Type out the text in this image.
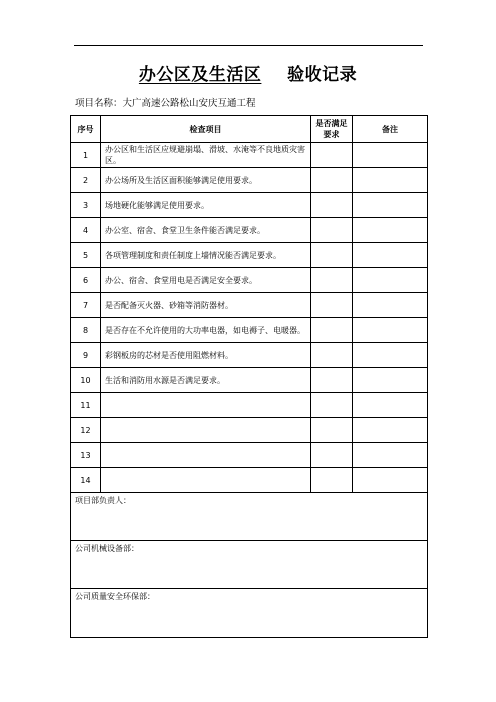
办公区及生活区 验收记录
项目名称：大广高速公路松山安庆互通工程
序号	检查项目	是否满足要求	备注
1	办公区和生活区应规避崩塌、滑坡、水淹等不良地质灾害区。		
2	办公场所及生活区面积能够满足使用要求。		
3	场地硬化能够满足使用要求。		
4	办公室、宿舍、食堂卫生条件能否满足要求。		
5	各项管理制度和责任制度上墙情况能否满足要求。		
6	办公、宿舍、食堂用电是否满足安全要求。		
7	是否配备灭火器、砂箱等消防器材。		
8	是否存在不允许使用的大功率电器，如电褥子、电暖器。		
9	彩钢板房的芯材是否使用阻燃材料。		
10	生活和消防用水源是否满足要求。		
11			
12			
13			
14			
项目部负责人：			
公司机械设备部：			
公司质量安全环保部：			
